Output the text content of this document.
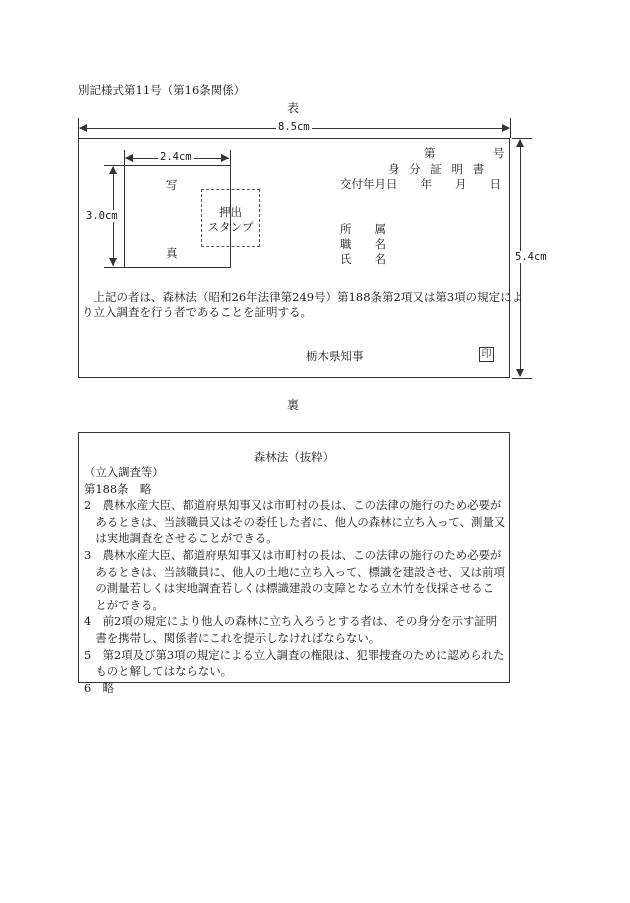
別記様式第11号（第16条関係）
表
8.5cm
5.4cm
2.4cm
3.0cm
写
真
押出
スタンプ
第　　　　　号
身 分 証 明 書
交付年月日　　年　　月　　日
所　　属
職　　名
氏　　名
　上記の者は、森林法（昭和26年法律第249号）第188条第2項又は第3項の規定によ
り立入調査を行う者であることを証明する。
栃木県知事	印
裏
森林法（抜粋）
（立入調査等）
第188条　略
2　農林水産大臣、都道府県知事又は市町村の長は、この法律の施行のため必要が
　あるときは、当該職員又はその委任した者に、他人の森林に立ち入って、測量又
　は実地調査をさせることができる。
3　農林水産大臣、都道府県知事又は市町村の長は、この法律の施行のため必要が
　あるときは、当該職員に、他人の土地に立ち入って、標識を建設させ、又は前項
　の測量若しくは実地調査若しくは標識建設の支障となる立木竹を伐採させるこ
　とができる。
4　前2項の規定により他人の森林に立ち入ろうとする者は、その身分を示す証明
　書を携帯し、関係者にこれを提示しなければならない。
5　第2項及び第3項の規定による立入調査の権限は、犯罪捜査のために認められた
　ものと解してはならない。
6　略
